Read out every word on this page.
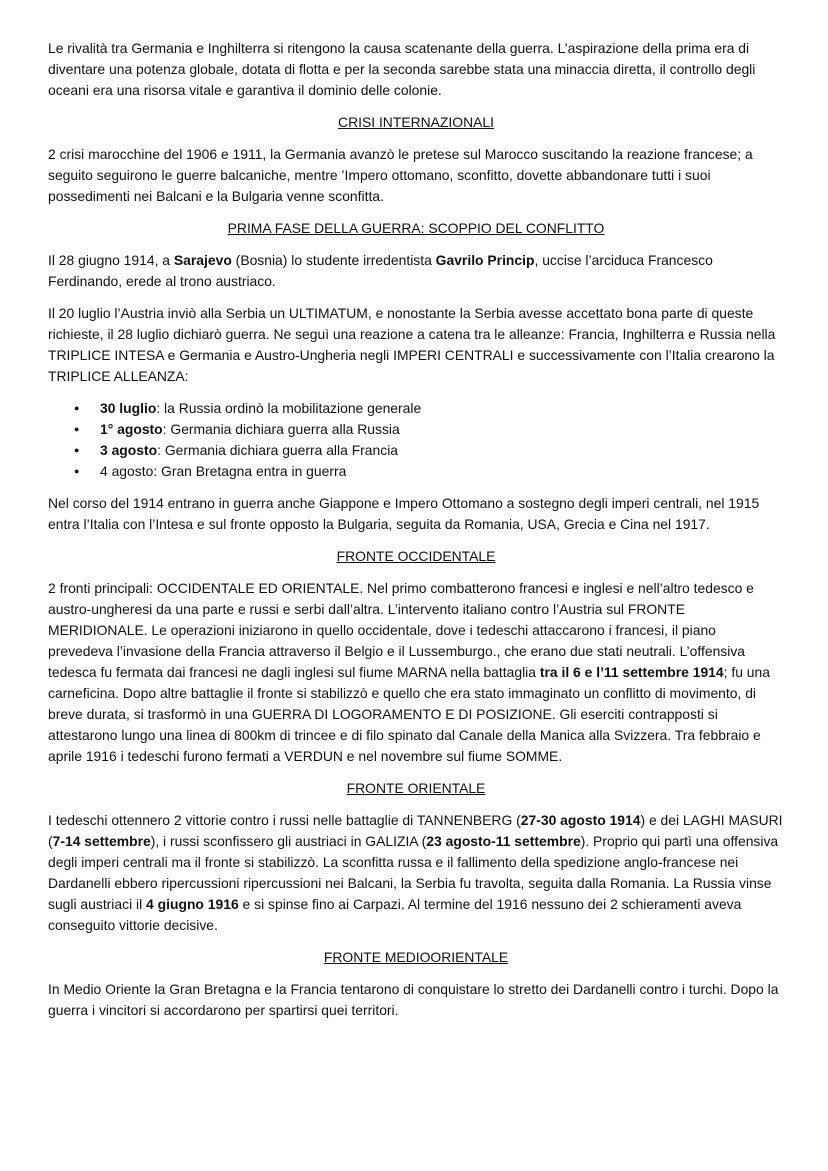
Le rivalità tra Germania e Inghilterra si ritengono la causa scatenante della guerra. L’aspirazione della prima era di diventare una potenza globale, dotata di flotta e per la seconda sarebbe stata una minaccia diretta, il controllo degli oceani era una risorsa vitale e garantiva il dominio delle colonie.

CRISI INTERNAZIONALI

2 crisi marocchine del 1906 e 1911, la Germania avanzò le pretese sul Marocco suscitando la reazione francese; a seguito seguirono le guerre balcaniche, mentre ’Impero ottomano, sconfitto, dovette abbandonare tutti i suoi possedimenti nei Balcani e la Bulgaria venne sconfitta.

PRIMA FASE DELLA GUERRA: SCOPPIO DEL CONFLITTO

Il 28 giugno 1914, a Sarajevo (Bosnia) lo studente irredentista Gavrilo Princip, uccise l’arciduca Francesco Ferdinando, erede al trono austriaco.

Il 20 luglio l’Austria inviò alla Serbia un ULTIMATUM, e nonostante la Serbia avesse accettato bona parte di queste richieste, il 28 luglio dichiarò guerra. Ne seguì una reazione a catena tra le alleanze: Francia, Inghilterra e Russia nella TRIPLICE INTESA e Germania e Austro-Ungheria negli IMPERI CENTRALI e successivamente con l’Italia crearono la TRIPLICE ALLEANZA:

● 30 luglio: la Russia ordinò la mobilitazione generale
● 1° agosto: Germania dichiara guerra alla Russia
● 3 agosto: Germania dichiara guerra alla Francia
● 4 agosto: Gran Bretagna entra in guerra

Nel corso del 1914 entrano in guerra anche Giappone e Impero Ottomano a sostegno degli imperi centrali, nel 1915 entra l’Italia con l’Intesa e sul fronte opposto la Bulgaria, seguita da Romania, USA, Grecia e Cina nel 1917.

FRONTE OCCIDENTALE

2 fronti principali: OCCIDENTALE ED ORIENTALE. Nel primo combatterono francesi e inglesi e nell’altro tedesco e austro-ungheresi da una parte e russi e serbi dall’altra. L’intervento italiano contro l’Austria sul FRONTE MERIDIONALE. Le operazioni iniziarono in quello occidentale, dove i tedeschi attaccarono i francesi, il piano prevedeva l’invasione della Francia attraverso il Belgio e il Lussemburgo., che erano due stati neutrali. L’offensiva tedesca fu fermata dai francesi ne dagli inglesi sul fiume MARNA nella battaglia tra il 6 e l’11 settembre 1914; fu una carneficina. Dopo altre battaglie il fronte si stabilizzò e quello che era stato immaginato un conflitto di movimento, di breve durata, si trasformò in una GUERRA DI LOGORAMENTO E DI POSIZIONE. Gli eserciti contrapposti si attestarono lungo una linea di 800km di trincee e di filo spinato dal Canale della Manica alla Svizzera. Tra febbraio e aprile 1916 i tedeschi furono fermati a VERDUN e nel novembre sul fiume SOMME.

FRONTE ORIENTALE

I tedeschi ottennero 2 vittorie contro i russi nelle battaglie di TANNENBERG (27-30 agosto 1914) e dei LAGHI MASURI (7-14 settembre), i russi sconfissero gli austriaci in GALIZIA (23 agosto-11 settembre). Proprio qui partì una offensiva degli imperi centrali ma il fronte si stabilizzò. La sconfitta russa e il fallimento della spedizione anglo-francese nei Dardanelli ebbero ripercussioni ripercussioni nei Balcani, la Serbia fu travolta, seguita dalla Romania. La Russia vinse sugli austriaci il 4 giugno 1916 e si spinse fino ai Carpazi. Al termine del 1916 nessuno dei 2 schieramenti aveva conseguito vittorie decisive.

FRONTE MEDIOORIENTALE

In Medio Oriente la Gran Bretagna e la Francia tentarono di conquistare lo stretto dei Dardanelli contro i turchi. Dopo la guerra i vincitori si accordarono per spartirsi quei territori.
